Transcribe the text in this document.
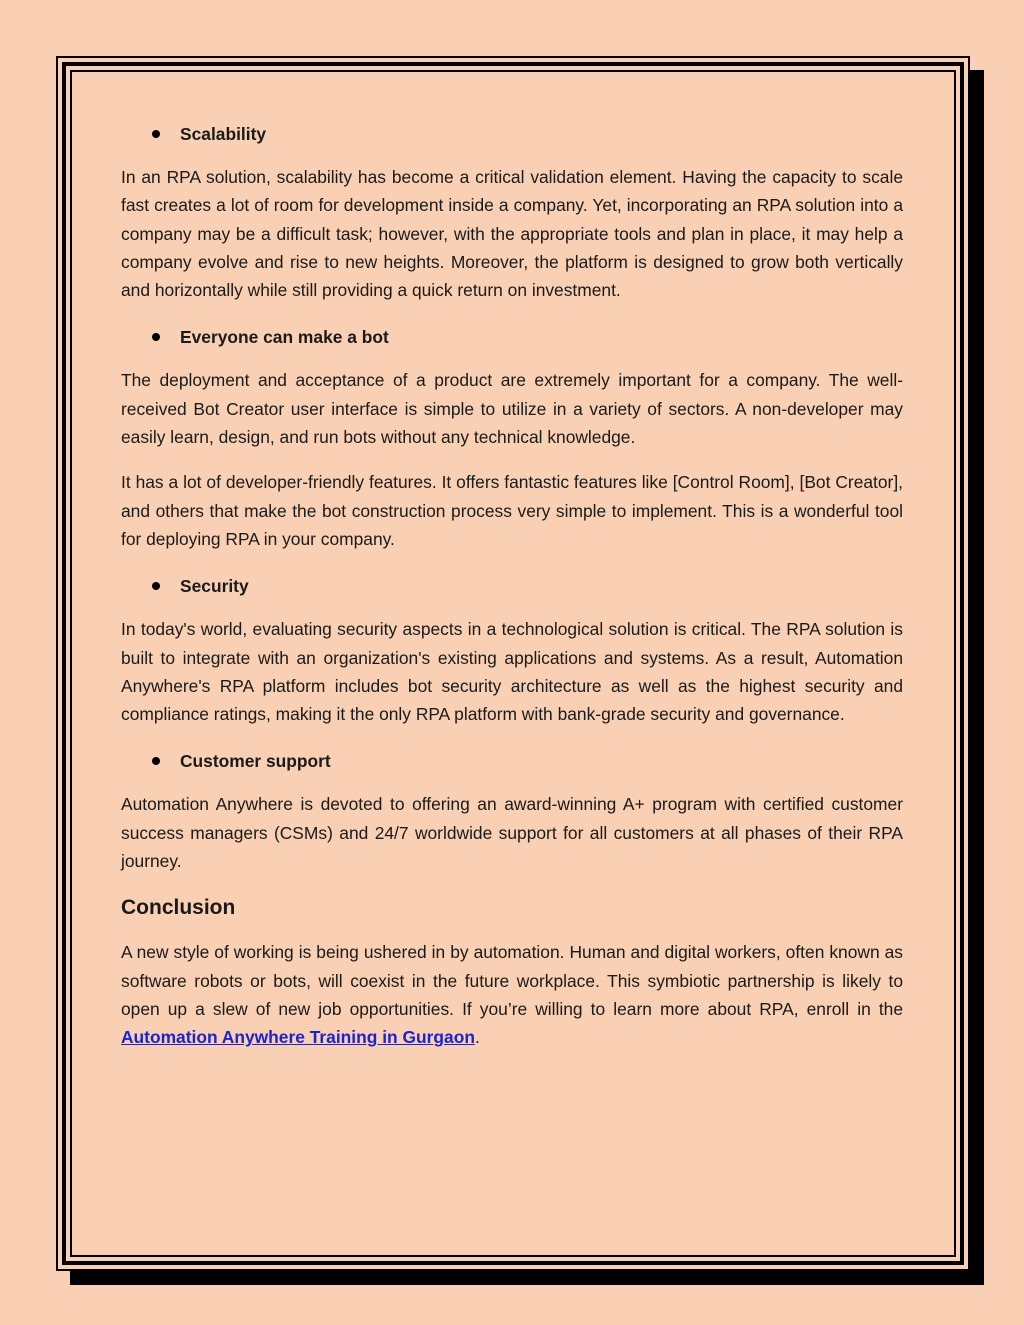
Scalability

In an RPA solution, scalability has become a critical validation element. Having the capacity to scale fast creates a lot of room for development inside a company. Yet, incorporating an RPA solution into a company may be a difficult task; however, with the appropriate tools and plan in place, it may help a company evolve and rise to new heights. Moreover, the platform is designed to grow both vertically and horizontally while still providing a quick return on investment.

Everyone can make a bot

The deployment and acceptance of a product are extremely important for a company. The well-received Bot Creator user interface is simple to utilize in a variety of sectors. A non-developer may easily learn, design, and run bots without any technical knowledge.

It has a lot of developer-friendly features. It offers fantastic features like [Control Room], [Bot Creator], and others that make the bot construction process very simple to implement. This is a wonderful tool for deploying RPA in your company.

Security

In today's world, evaluating security aspects in a technological solution is critical. The RPA solution is built to integrate with an organization's existing applications and systems. As a result, Automation Anywhere's RPA platform includes bot security architecture as well as the highest security and compliance ratings, making it the only RPA platform with bank-grade security and governance.

Customer support

Automation Anywhere is devoted to offering an award-winning A+ program with certified customer success managers (CSMs) and 24/7 worldwide support for all customers at all phases of their RPA journey.

Conclusion

A new style of working is being ushered in by automation. Human and digital workers, often known as software robots or bots, will coexist in the future workplace. This symbiotic partnership is likely to open up a slew of new job opportunities. If you’re willing to learn more about RPA, enroll in the Automation Anywhere Training in Gurgaon.
